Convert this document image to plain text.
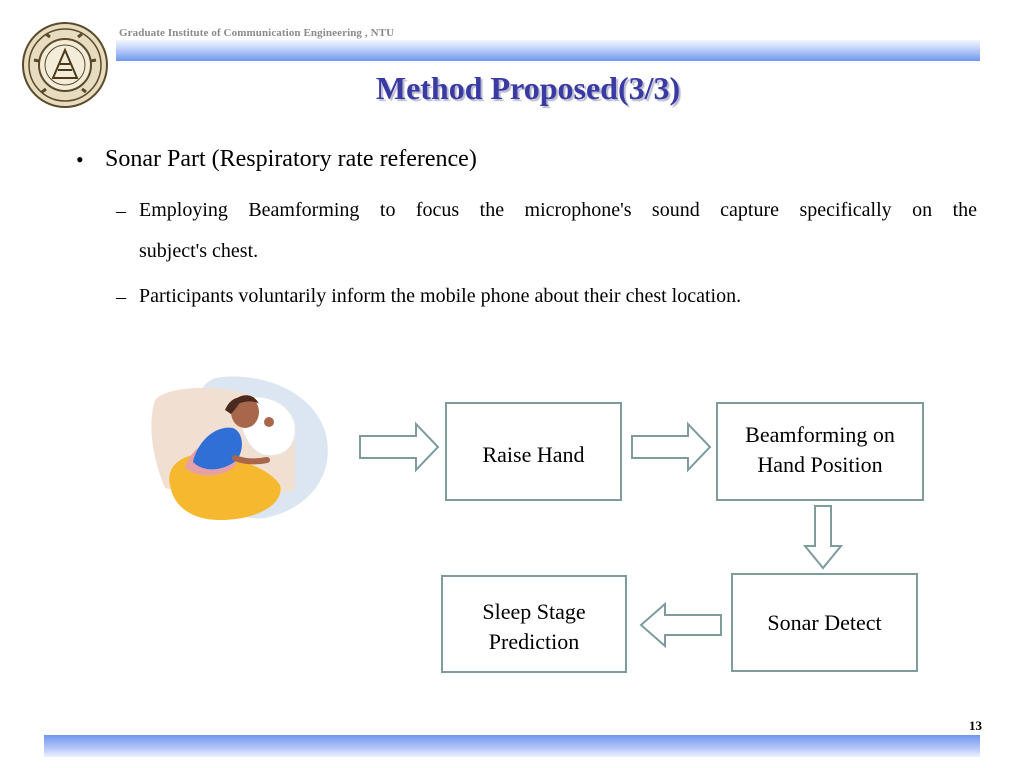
Graduate Institute of Communication Engineering , NTU
Method Proposed(3/3)
• Sonar Part (Respiratory rate reference)
– Employing Beamforming to focus the microphone's sound capture specifically on the
subject's chest.
– Participants voluntarily inform the mobile phone about their chest location.
Raise Hand
Beamforming on
Hand Position
Sonar Detect
Sleep Stage
Prediction
13
